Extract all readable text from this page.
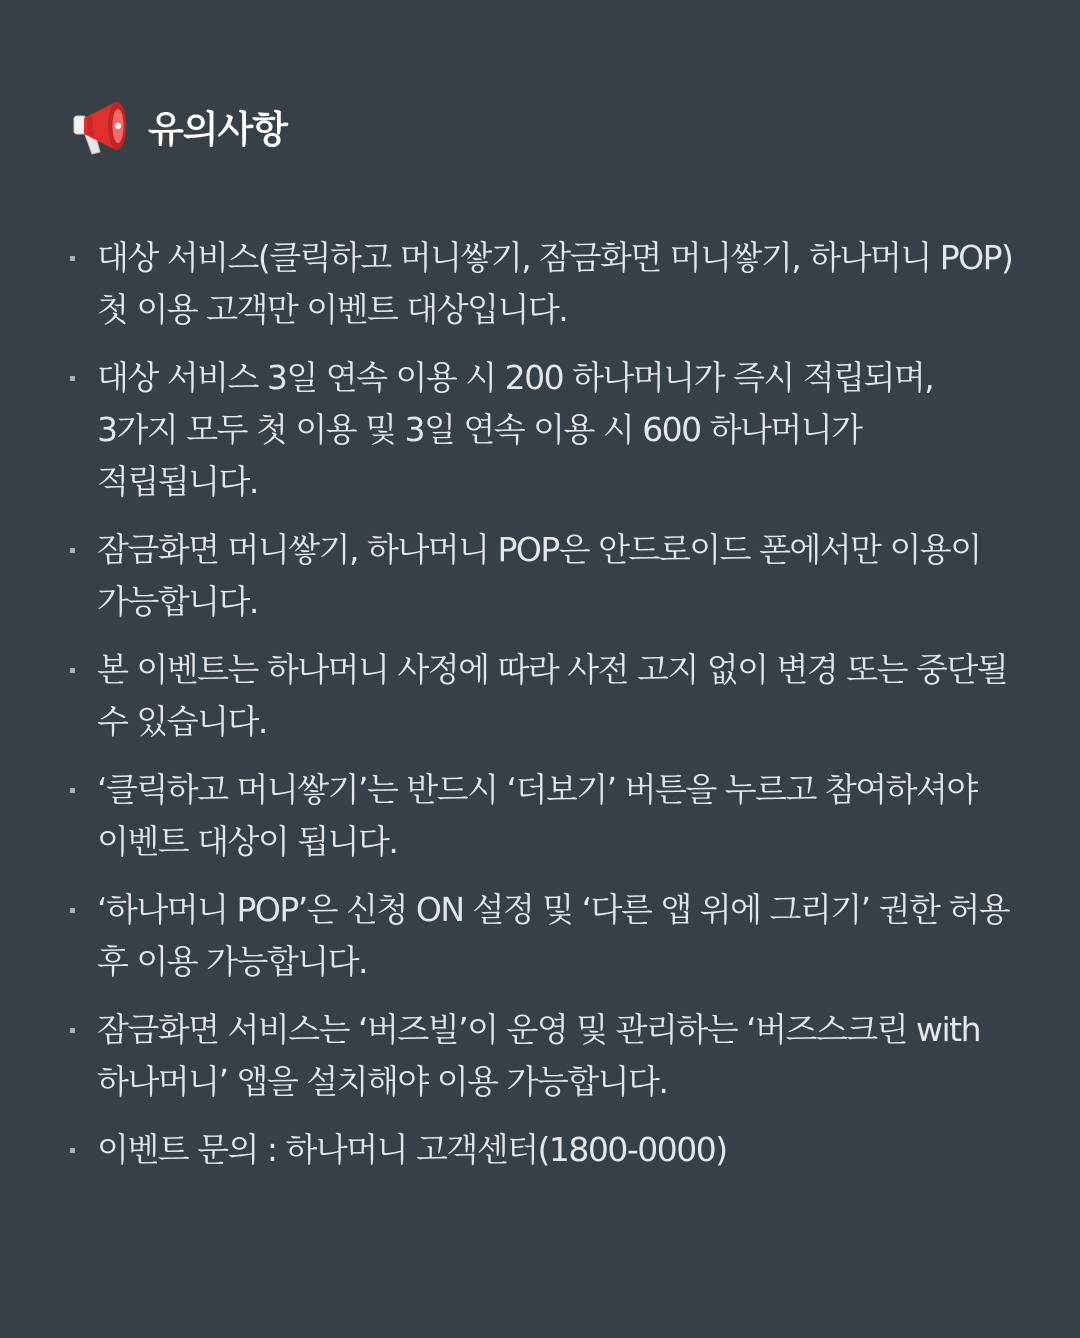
유의사항
대상 서비스(클릭하고 머니쌓기, 잠금화면 머니쌓기, 하나머니 POP) 첫 이용 고객만 이벤트 대상입니다.
대상 서비스 3일 연속 이용 시 200 하나머니가 즉시 적립되며, 3가지 모두 첫 이용 및 3일 연속 이용 시 600 하나머니가 적립됩니다.
잠금화면 머니쌓기, 하나머니 POP은 안드로이드 폰에서만 이용이 가능합니다.
본 이벤트는 하나머니 사정에 따라 사전 고지 없이 변경 또는 중단될 수 있습니다.
‘클릭하고 머니쌓기’는 반드시 ‘더보기’ 버튼을 누르고 참여하셔야 이벤트 대상이 됩니다.
‘하나머니 POP’은 신청 ON 설정 및 ‘다른 앱 위에 그리기’ 권한 허용 후 이용 가능합니다.
잠금화면 서비스는 ‘버즈빌’이 운영 및 관리하는 ‘버즈스크린 with 하나머니’ 앱을 설치해야 이용 가능합니다.
이벤트 문의 : 하나머니 고객센터(1800-0000)
